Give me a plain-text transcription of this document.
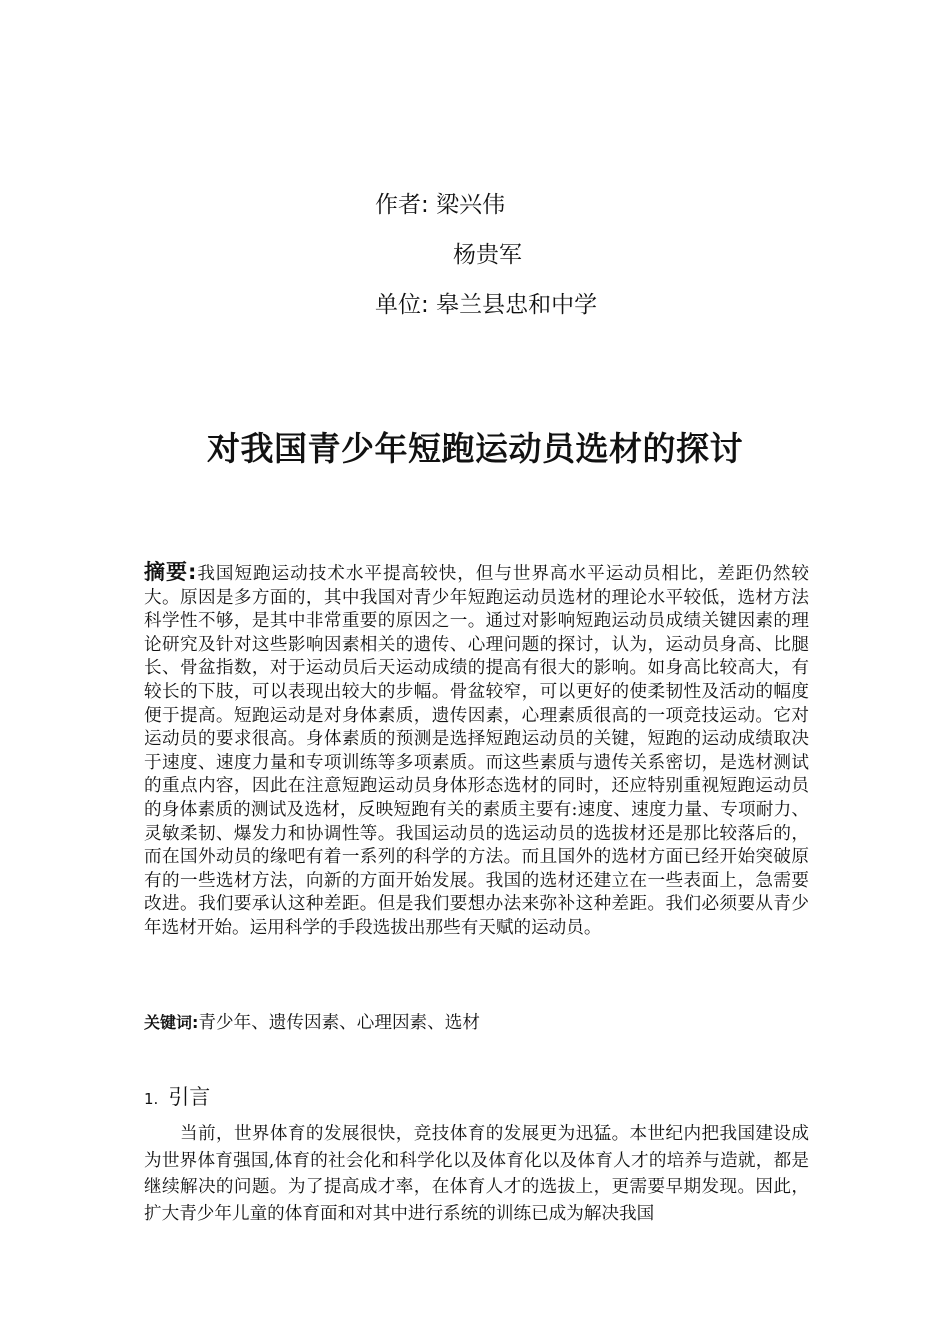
作者: 梁兴伟
杨贵军
单位: 皋兰县忠和中学
对我国青少年短跑运动员选材的探讨
摘要:我国短跑运动技术水平提高较快，但与世界高水平运动员相比，差距仍然较大。原因是多方面的，其中我国对青少年短跑运动员选材的理论水平较低，选材方法科学性不够，是其中非常重要的原因之一。通过对影响短跑运动员成绩关键因素的理论研究及针对这些影响因素相关的遗传、心理问题的探讨，认为，运动员身高、比腿长、骨盆指数，对于运动员后天运动成绩的提高有很大的影响。如身高比较高大，有较长的下肢，可以表现出较大的步幅。骨盆较窄，可以更好的使柔韧性及活动的幅度便于提高。短跑运动是对身体素质，遗传因素，心理素质很高的一项竞技运动。它对运动员的要求很高。身体素质的预测是选择短跑运动员的关键，短跑的运动成绩取决于速度、速度力量和专项训练等多项素质。而这些素质与遗传关系密切，是选材测试的重点内容，因此在注意短跑运动员身体形态选材的同时，还应特别重视短跑运动员的身体素质的测试及选材，反映短跑有关的素质主要有:速度、速度力量、专项耐力、灵敏柔韧、爆发力和协调性等。我国运动员的选运动员的选拔材还是那比较落后的，而在国外动员的缘吧有着一系列的科学的方法。而且国外的选材方面已经开始突破原有的一些选材方法，向新的方面开始发展。我国的选材还建立在一些表面上，急需要改进。我们要承认这种差距。但是我们要想办法来弥补这种差距。我们必须要从青少年选材开始。运用科学的手段选拔出那些有天赋的运动员。
关键词:青少年、遗传因素、心理因素、选材
1. 引言
当前，世界体育的发展很快，竞技体育的发展更为迅猛。本世纪内把我国建设成为世界体育强国,体育的社会化和科学化以及体育化以及体育人才的培养与造就，都是继续解决的问题。为了提高成才率，在体育人才的选拔上，更需要早期发现。因此，扩大青少年儿童的体育面和对其中进行系统的训练已成为解决我国
